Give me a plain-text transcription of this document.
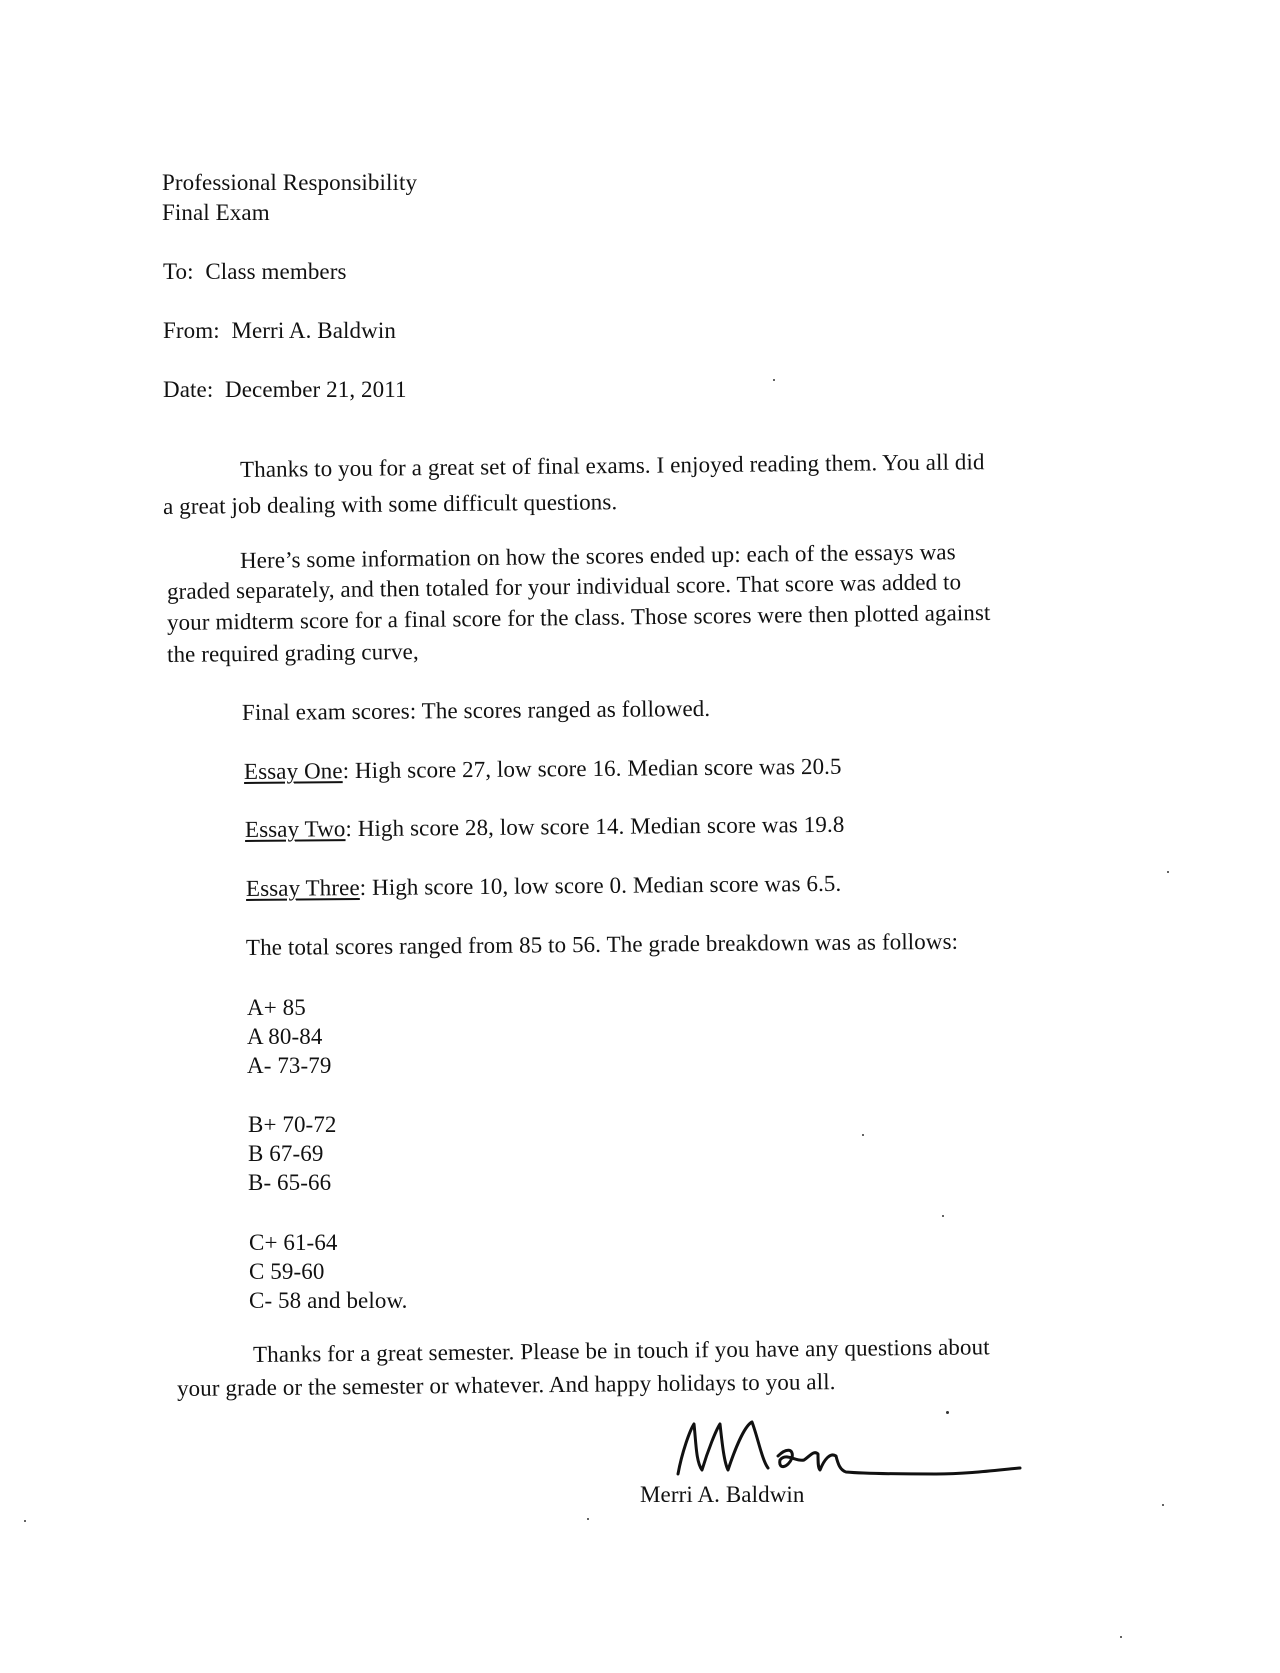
Professional Responsibility
Final Exam
To: Class members
From: Merri A. Baldwin
Date: December 21, 2011
Thanks to you for a great set of final exams. I enjoyed reading them. You all did
a great job dealing with some difficult questions.
Here’s some information on how the scores ended up: each of the essays was
graded separately, and then totaled for your individual score. That score was added to
your midterm score for a final score for the class. Those scores were then plotted against
the required grading curve,
Final exam scores: The scores ranged as followed.
Essay One: High score 27, low score 16. Median score was 20.5
Essay Two: High score 28, low score 14. Median score was 19.8
Essay Three: High score 10, low score 0. Median score was 6.5.
The total scores ranged from 85 to 56. The grade breakdown was as follows:
A+ 85
A 80-84
A- 73-79
B+ 70-72
B 67-69
B- 65-66
C+ 61-64
C 59-60
C- 58 and below.
Thanks for a great semester. Please be in touch if you have any questions about
your grade or the semester or whatever. And happy holidays to you all.
Merri A. Baldwin
